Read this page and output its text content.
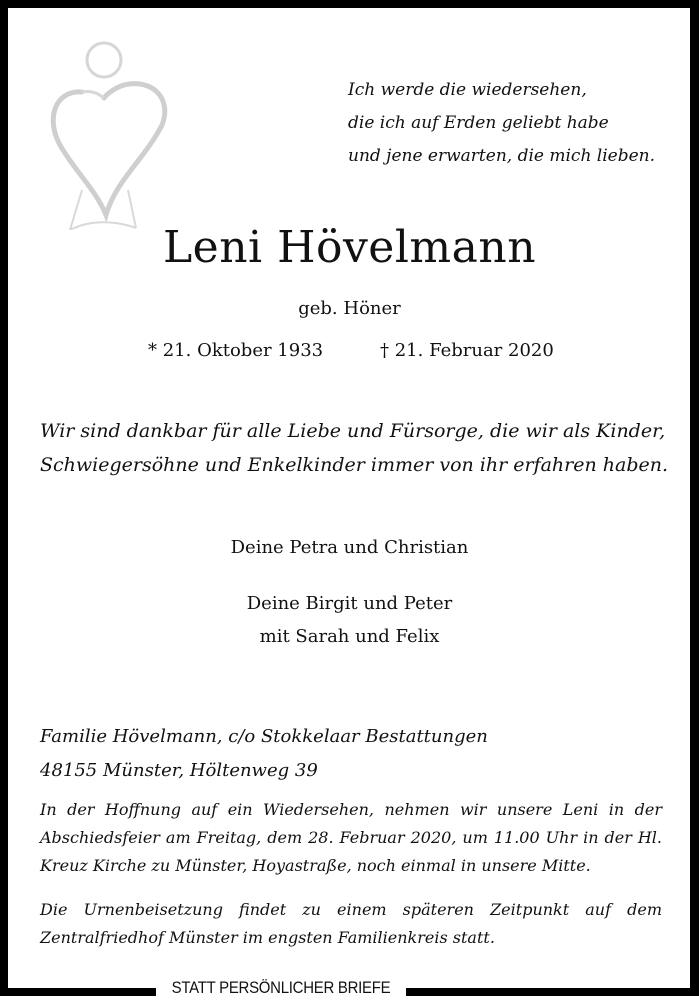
Ich werde die wiedersehen,
die ich auf Erden geliebt habe
und jene erwarten, die mich lieben.
Leni Hövelmann
geb. Höner
* 21. Oktober 1933	† 21. Februar 2020
Wir sind dankbar für alle Liebe und Fürsorge, die wir als Kinder,
Schwiegersöhne und Enkelkinder immer von ihr erfahren haben.
Deine Petra und Christian
Deine Birgit und Peter
mit Sarah und Felix
Familie Hövelmann, c/o Stokkelaar Bestattungen
48155 Münster, Höltenweg 39
In der Hoffnung auf ein Wiedersehen, nehmen wir unsere Leni in der Abschiedsfeier am Freitag, dem 28. Februar 2020, um 11.00 Uhr in der Hl. Kreuz Kirche zu Münster, Hoyastraße, noch einmal in unsere Mitte.
Die Urnenbeisetzung findet zu einem späteren Zeitpunkt auf dem Zentralfriedhof Münster im engsten Familienkreis statt.
STATT PERSÖNLICHER BRIEFE
